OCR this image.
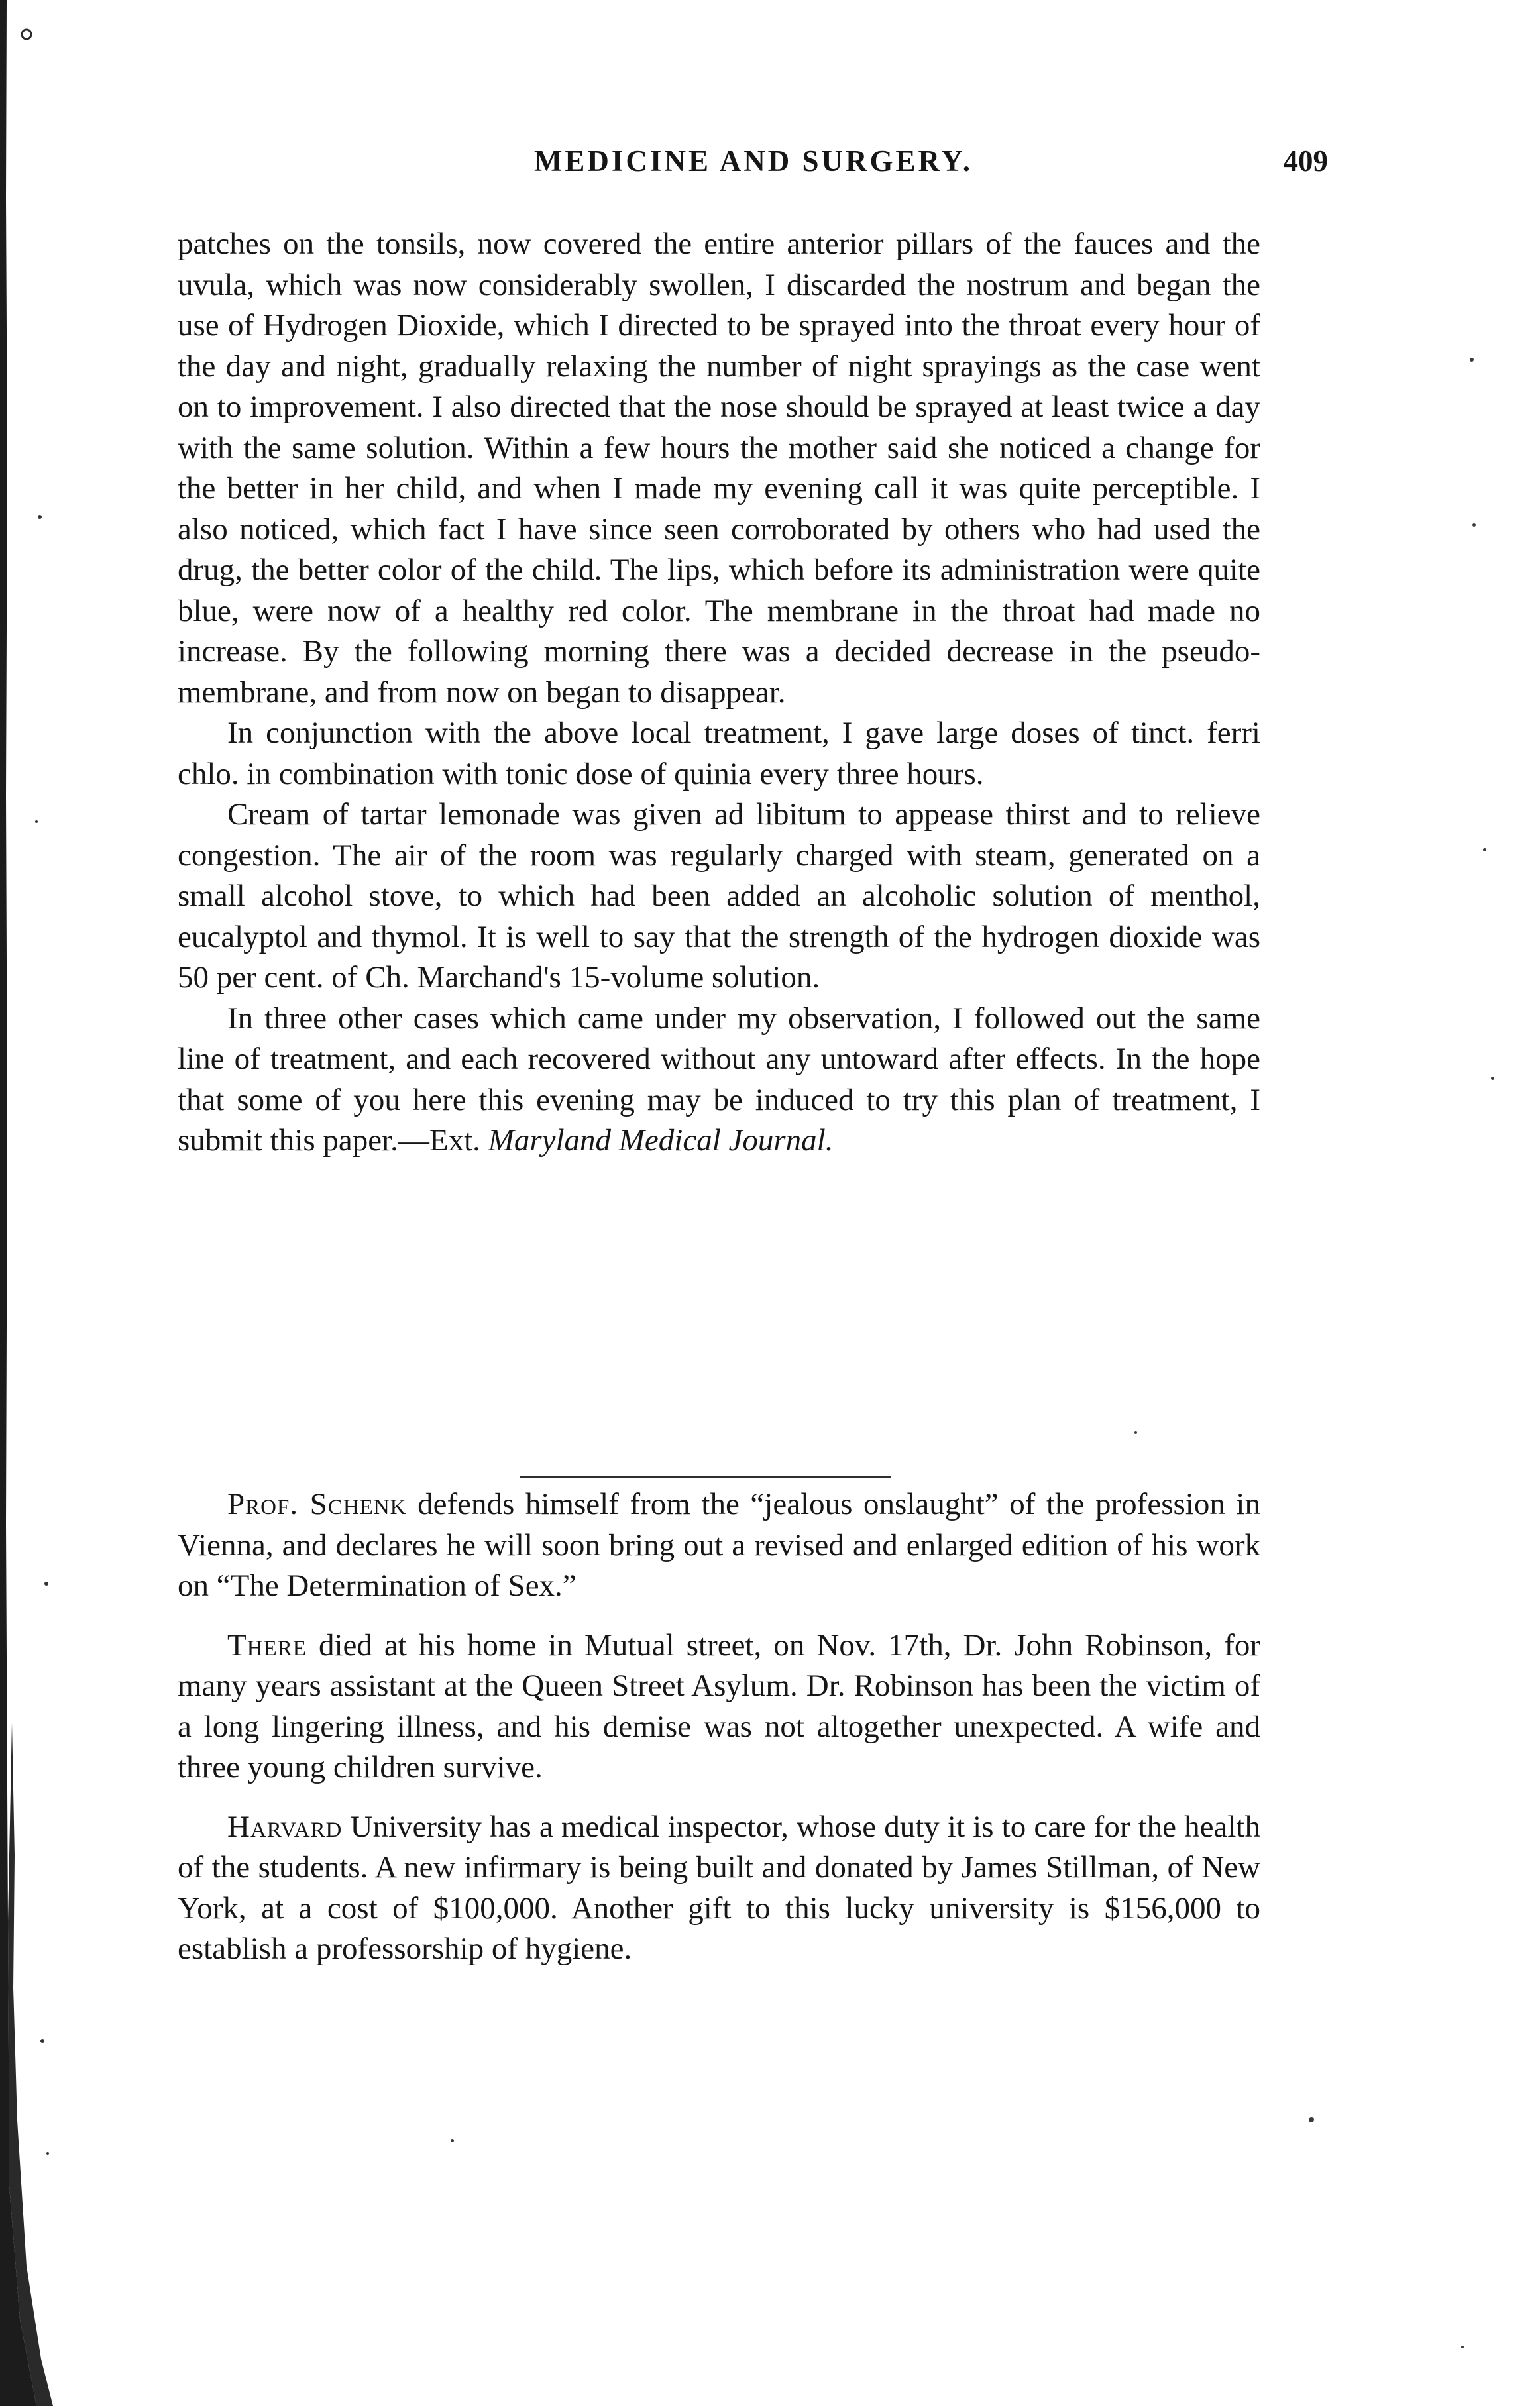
MEDICINE AND SURGERY.	409

patches on the tonsils, now covered the entire anterior pillars of the fauces and the uvula, which was now considerably swollen, I discarded the nostrum and began the use of Hydrogen Dioxide, which I directed to be sprayed into the throat every hour of the day and night, gradually relaxing the number of night sprayings as the case went on to improvement. I also directed that the nose should be sprayed at least twice a day with the same solution. Within a few hours the mother said she noticed a change for the better in her child, and when I made my evening call it was quite perceptible. I also noticed, which fact I have since seen corroborated by others who had used the drug, the better color of the child. The lips, which before its administration were quite blue, were now of a healthy red color. The membrane in the throat had made no increase. By the following morning there was a decided decrease in the pseudo-membrane, and from now on began to disappear.

In conjunction with the above local treatment, I gave large doses of tinct. ferri chlo. in combination with tonic dose of quinia every three hours.

Cream of tartar lemonade was given ad libitum to appease thirst and to relieve congestion. The air of the room was regularly charged with steam, generated on a small alcohol stove, to which had been added an alcoholic solution of menthol, eucalyptol and thymol. It is well to say that the strength of the hydrogen dioxide was 50 per cent. of Ch. Marchand's 15-volume solution.

In three other cases which came under my observation, I followed out the same line of treatment, and each recovered without any untoward after effects. In the hope that some of you here this evening may be induced to try this plan of treatment, I submit this paper.—Ext. Maryland Medical Journal.

Prof. Schenk defends himself from the “jealous onslaught” of the profession in Vienna, and declares he will soon bring out a revised and enlarged edition of his work on “The Determination of Sex.”

There died at his home in Mutual street, on Nov. 17th, Dr. John Robinson, for many years assistant at the Queen Street Asylum. Dr. Robinson has been the victim of a long lingering illness, and his demise was not altogether unexpected. A wife and three young children survive.

Harvard University has a medical inspector, whose duty it is to care for the health of the students. A new infirmary is being built and donated by James Stillman, of New York, at a cost of $100,000. Another gift to this lucky university is $156,000 to establish a professorship of hygiene.
